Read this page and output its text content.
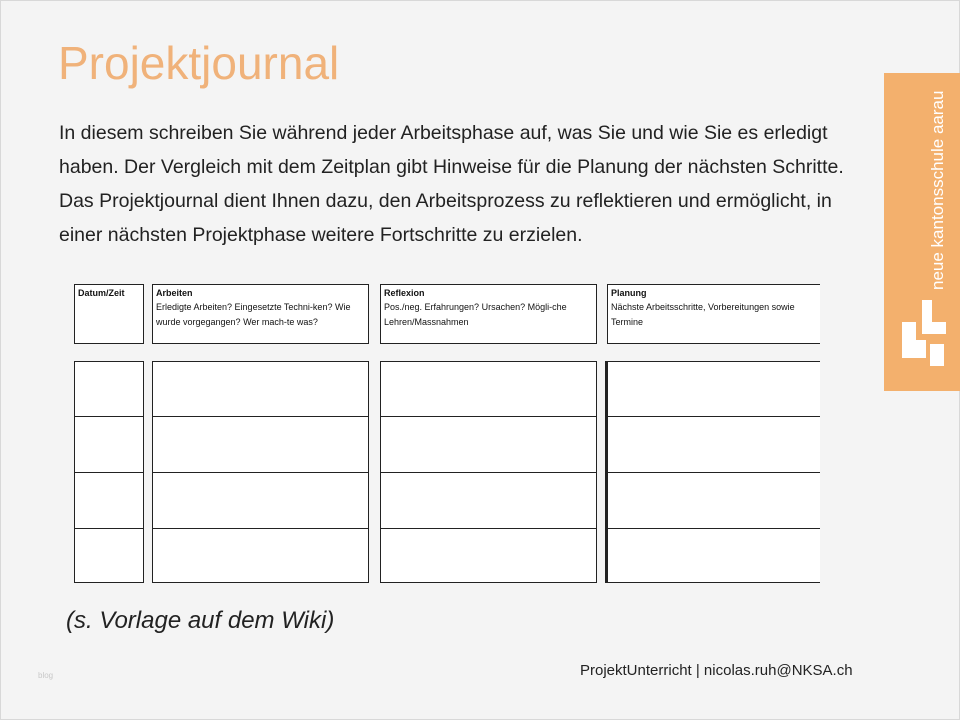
Projektjournal

In diesem schreiben Sie während jeder Arbeitsphase auf, was Sie und wie Sie es erledigt haben. Der Vergleich mit dem Zeitplan gibt Hinweise für die Planung der nächsten Schritte. Das Projektjournal dient Ihnen dazu, den Arbeitsprozess zu reflektieren und ermöglicht, in einer nächsten Projektphase weitere Fortschritte zu erzielen.	neue kantonsschule aarau
Datum/Zeit	Arbeiten
Erledigte Arbeiten? Eingesetzte Techni-ken? Wie wurde vorgegangen? Wer mach-te was?
Reflexion
Pos./neg. Erfahrungen? Ursachen? Mögli-che Lehren/Massnahmen
Planung
Nächste Arbeitsschritte, Vorbereitungen sowie Termine
(s. Vorlage auf dem Wiki)
ProjektUnterricht | nicolas.ruh@NKSA.ch
blog
